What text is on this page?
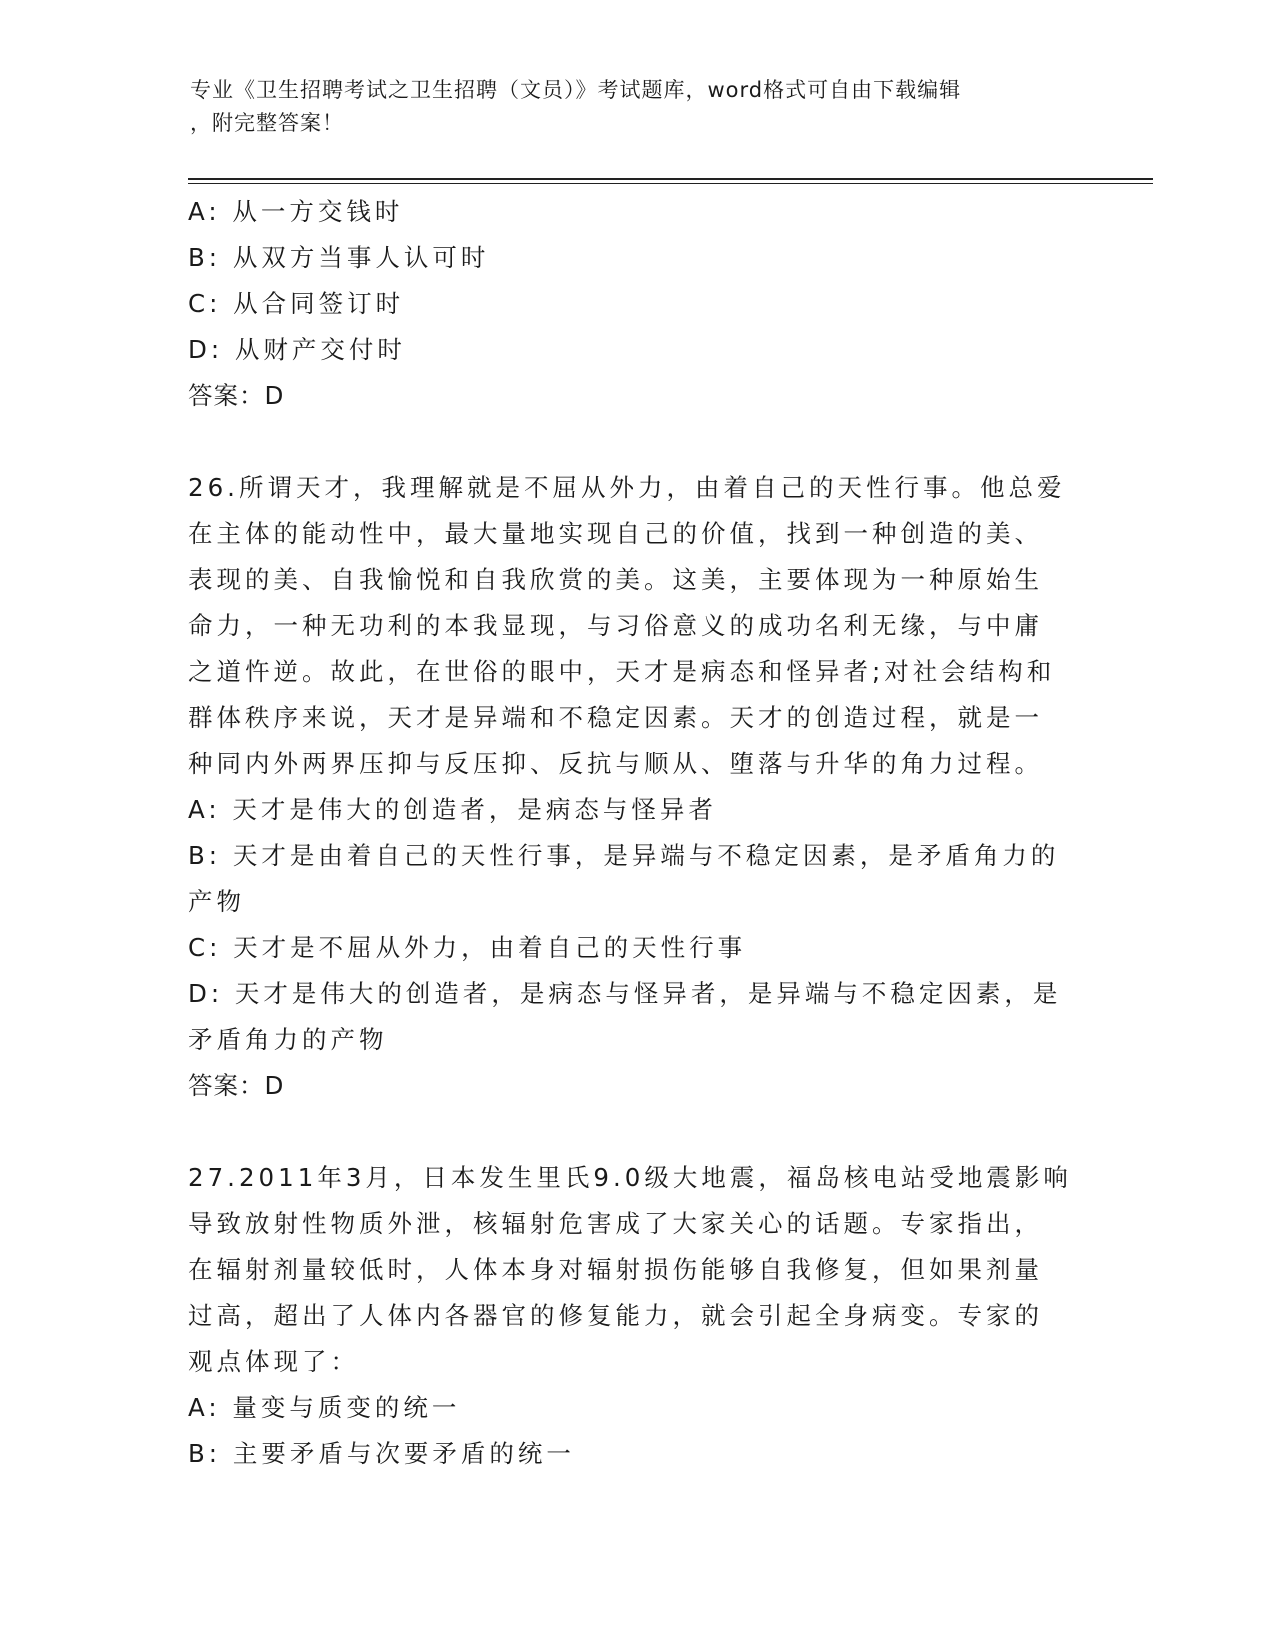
专业《卫生招聘考试之卫生招聘（文员）》考试题库，word格式可自由下载编辑
，附完整答案！
A: 从一方交钱时
B: 从双方当事人认可时
C: 从合同签订时
D: 从财产交付时
答案：D
26.所谓天才，我理解就是不屈从外力，由着自己的天性行事。他总爱
在主体的能动性中，最大量地实现自己的价值，找到一种创造的美、
表现的美、自我愉悦和自我欣赏的美。这美，主要体现为一种原始生
命力，一种无功利的本我显现，与习俗意义的成功名利无缘，与中庸
之道忤逆。故此，在世俗的眼中，天才是病态和怪异者;对社会结构和
群体秩序来说，天才是异端和不稳定因素。天才的创造过程，就是一
种同内外两界压抑与反压抑、反抗与顺从、堕落与升华的角力过程。
A: 天才是伟大的创造者，是病态与怪异者
B: 天才是由着自己的天性行事，是异端与不稳定因素，是矛盾角力的
产物
C: 天才是不屈从外力，由着自己的天性行事
D: 天才是伟大的创造者，是病态与怪异者，是异端与不稳定因素，是
矛盾角力的产物
答案：D
27.2011年3月，日本发生里氏9.0级大地震，福岛核电站受地震影响
导致放射性物质外泄，核辐射危害成了大家关心的话题。专家指出，
在辐射剂量较低时，人体本身对辐射损伤能够自我修复，但如果剂量
过高，超出了人体内各器官的修复能力，就会引起全身病变。专家的
观点体现了：
A: 量变与质变的统一
B: 主要矛盾与次要矛盾的统一
